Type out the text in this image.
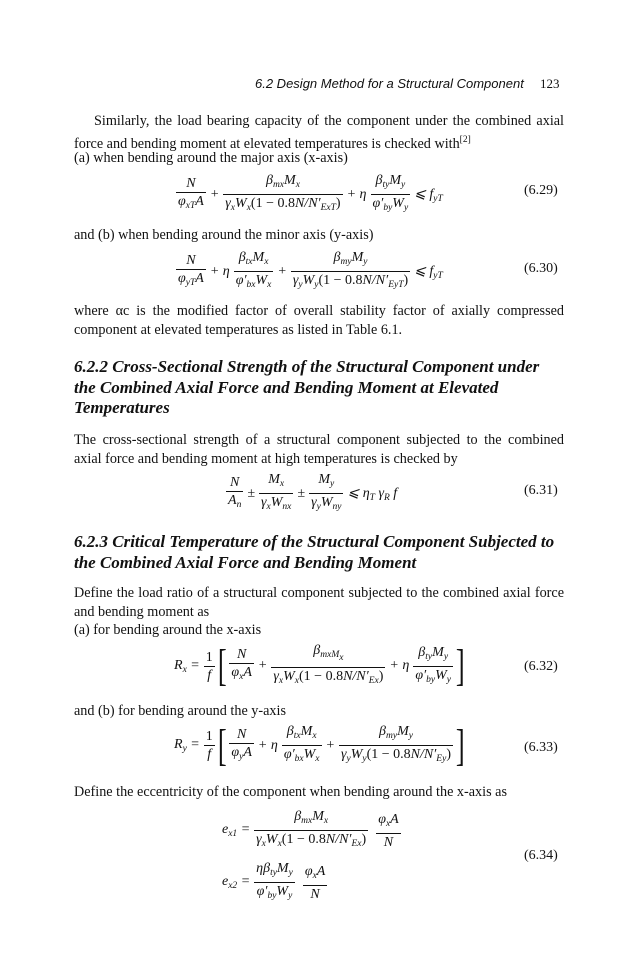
6.2 Design Method for a Structural Component 123
Similarly, the load bearing capacity of the component under the combined axial force and bending moment at elevated temperatures is checked with[2]
(a) when bending around the major axis (x-axis)
$\frac{N}{\varphi_{xT}A} + \frac{\beta_{mx}M_x}{\gamma_xW_x(1 - 0.8N/N'_{ExT})} + \eta \frac{\beta_{ty}M_y}{\varphi'_{by}W_y}$ ⩽ $f_{yT}$
(6.29)
and (b) when bending around the minor axis (y-axis)
$\frac{N}{\varphi_{yT}A} + \eta \frac{\beta_{tx}M_x}{\varphi'_{bx}W_x} + \frac{\beta_{my}M_y}{\gamma_yW_y(1 - 0.8N/N'_{EyT})}$ ⩽ $f_{yT}$	(6.30)
where αc is the modified factor of overall stability factor of axially compressed component at elevated temperatures as listed in Table 6.1.
6.2.2 Cross-Sectional Strength of the Structural Component under the Combined Axial Force and Bending Moment at Elevated Temperatures
The cross-sectional strength of a structural component subjected to the combined axial force and bending moment at high temperatures is checked by
$\frac{N}{A_n} \pm \frac{M_x}{\gamma_xW_{nx}} \pm \frac{M_y}{\gamma_yW_{ny}}$ ⩽ $\eta_T$ $\gamma_R$ f	(6.31)
6.2.3 Critical Temperature of the Structural Component Subjected to the Combined Axial Force and Bending Moment
Define the load ratio of a structural component subjected to the combined axial force and bending moment as
(a) for bending around the x-axis
$R_x = \frac{1}{f}$ [ $\frac{N}{\varphi_xA} + \frac{\beta_{mxM_x}}{\gamma_xW_x(1 - 0.8N/N'_{Ex})} + \eta \frac{\beta_{ty}M_y}{\varphi'_{by}W_y}$ ]	(6.32)
and (b) for bending around the y-axis
$R_y = \frac{1}{f}$ [ $\frac{N}{\varphi_yA} + \eta \frac{\beta_{tx}M_x}{\varphi'_{bx}W_x} + \frac{\beta_{my}M_y}{\gamma_yW_y(1 - 0.8N/N'_{Ey})}$ ]	(6.33)
Define the eccentricity of the component when bending around the x-axis as
$e_{x1} = \frac{\beta_{mx}M_x}{\gamma_xW_x(1 - 0.8N/N'_{Ex})} \frac{\varphi_xA}{N}$
$e_{x2} = \frac{\eta\beta_{ty}M_y}{\varphi'_{by}W_y} \frac{\varphi_xA}{N}$
(6.34)
